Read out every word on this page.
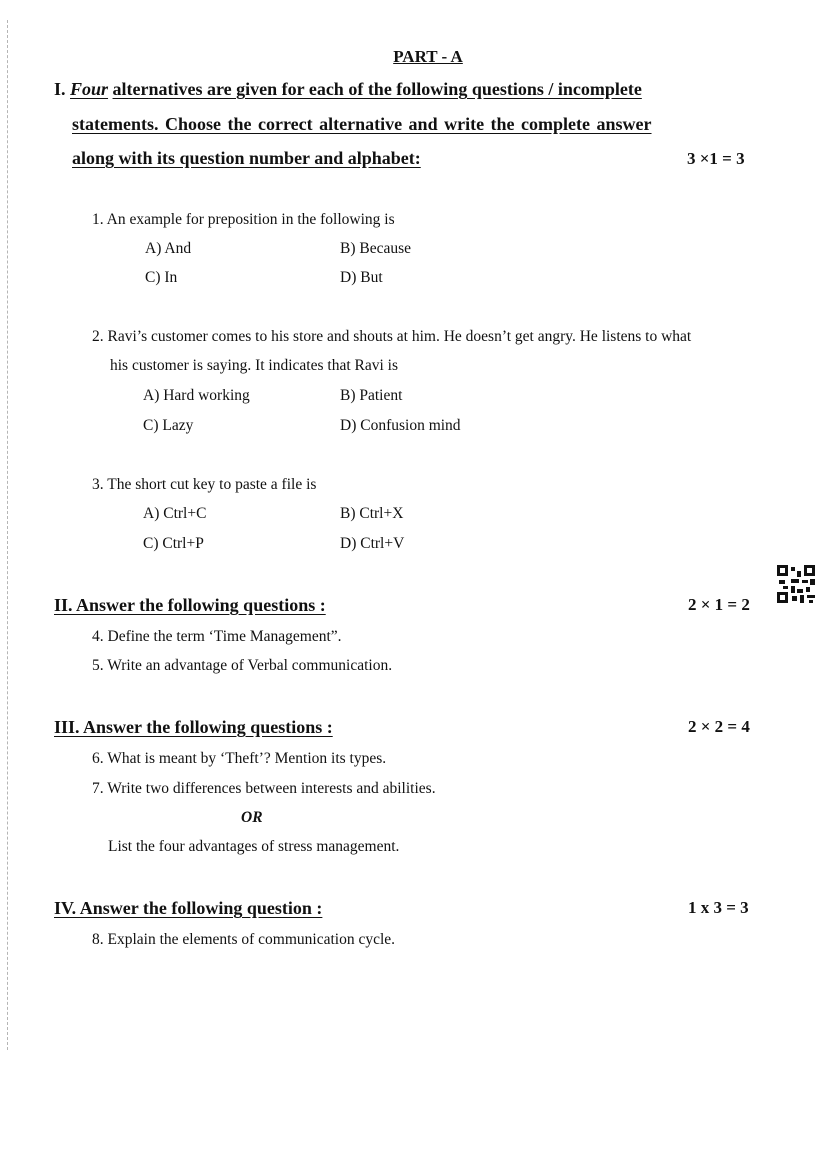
PART - A
I. Four alternatives are given for each of the following questions / incomplete
statements. Choose the correct alternative and write the complete answer
along with its question number and alphabet:	3 ×1 = 3
1. An example for preposition in the following is
A) And	B) Because
C) In	D) But
2. Ravi’s customer comes to his store and shouts at him. He doesn’t get angry. He listens to what
his customer is saying. It indicates that Ravi is
A) Hard working	B) Patient
C) Lazy	D) Confusion mind
3. The short cut key to paste a file is
A) Ctrl+C	B) Ctrl+X
C) Ctrl+P	D) Ctrl+V
II. Answer the following questions :	2 × 1 = 2
4. Define the term ‘Time Management”.
5. Write an advantage of Verbal communication.
III. Answer the following questions :	2 × 2 = 4
6. What is meant by ‘Theft’? Mention its types.
7. Write two differences between interests and abilities.
OR
List the four advantages of stress management.
IV. Answer the following question :	1 x 3 = 3
8. Explain the elements of communication cycle.
